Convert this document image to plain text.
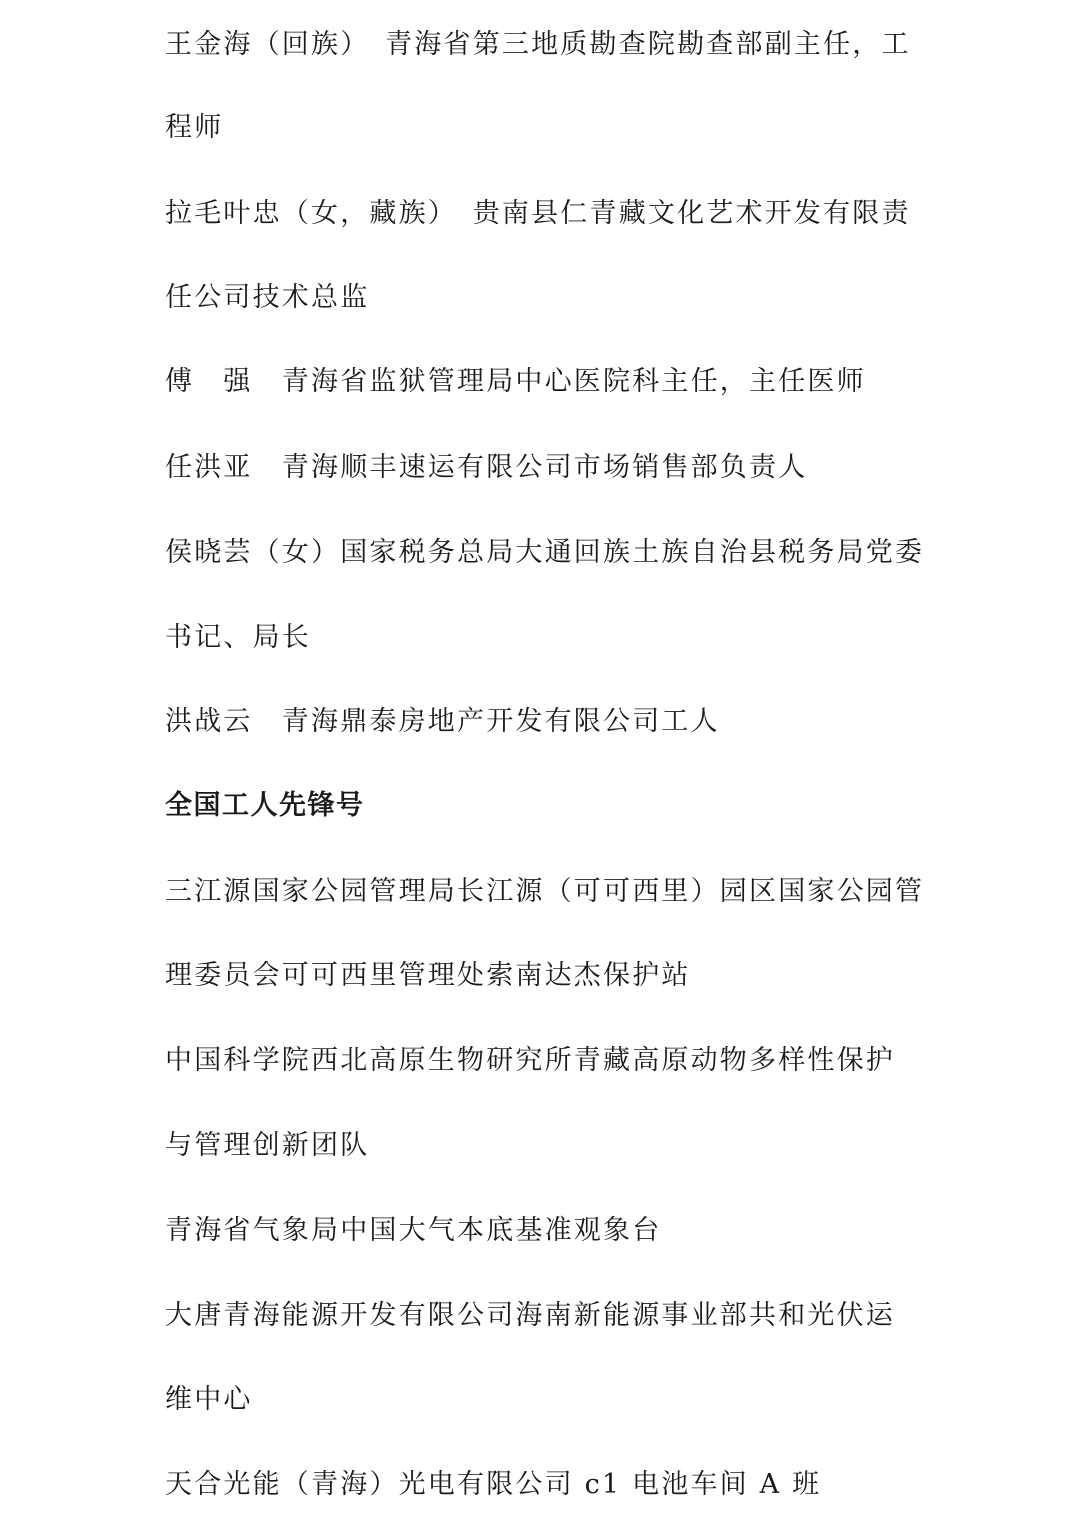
王金海（回族）　青海省第三地质勘查院勘查部副主任，工
程师
拉毛叶忠（女，藏族）　贵南县仁青藏文化艺术开发有限责
任公司技术总监
傅　强　青海省监狱管理局中心医院科主任，主任医师
任洪亚　青海顺丰速运有限公司市场销售部负责人
侯晓芸（女）国家税务总局大通回族土族自治县税务局党委
书记、局长
洪战云　青海鼎泰房地产开发有限公司工人
全国工人先锋号
三江源国家公园管理局长江源（可可西里）园区国家公园管
理委员会可可西里管理处索南达杰保护站
中国科学院西北高原生物研究所青藏高原动物多样性保护
与管理创新团队
青海省气象局中国大气本底基准观象台
大唐青海能源开发有限公司海南新能源事业部共和光伏运
维中心
天合光能（青海）光电有限公司 c1 电池车间 A 班
